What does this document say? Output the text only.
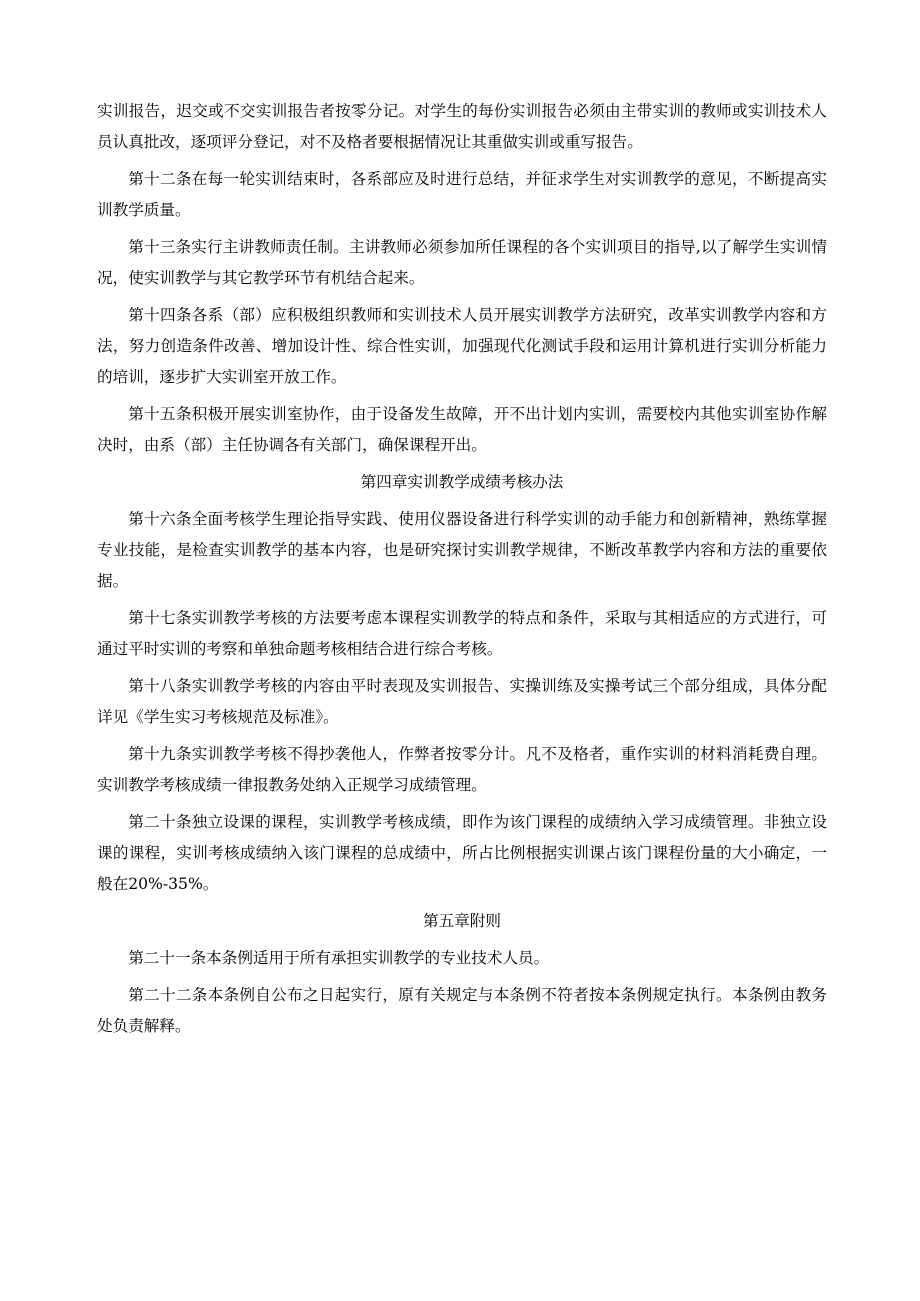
实训报告，迟交或不交实训报告者按零分记。对学生的每份实训报告必须由主带实训的教师或实训技术人员认真批改，逐项评分登记，对不及格者要根据情况让其重做实训或重写报告。

第十二条在每一轮实训结束时，各系部应及时进行总结，并征求学生对实训教学的意见，不断提高实训教学质量。

第十三条实行主讲教师责任制。主讲教师必须参加所任课程的各个实训项目的指导,以了解学生实训情况，使实训教学与其它教学环节有机结合起来。

第十四条各系（部）应积极组织教师和实训技术人员开展实训教学方法研究，改革实训教学内容和方法，努力创造条件改善、增加设计性、综合性实训，加强现代化测试手段和运用计算机进行实训分析能力的培训，逐步扩大实训室开放工作。

第十五条积极开展实训室协作，由于设备发生故障，开不出计划内实训，需要校内其他实训室协作解决时，由系（部）主任协调各有关部门，确保课程开出。

第四章实训教学成绩考核办法

第十六条全面考核学生理论指导实践、使用仪器设备进行科学实训的动手能力和创新精神，熟练掌握专业技能，是检查实训教学的基本内容，也是研究探讨实训教学规律，不断改革教学内容和方法的重要依据。

第十七条实训教学考核的方法要考虑本课程实训教学的特点和条件，采取与其相适应的方式进行，可通过平时实训的考察和单独命题考核相结合进行综合考核。

第十八条实训教学考核的内容由平时表现及实训报告、实操训练及实操考试三个部分组成，具体分配详见《学生实习考核规范及标准》。

第十九条实训教学考核不得抄袭他人，作弊者按零分计。凡不及格者，重作实训的材料消耗费自理。实训教学考核成绩一律报教务处纳入正规学习成绩管理。

第二十条独立设课的课程，实训教学考核成绩，即作为该门课程的成绩纳入学习成绩管理。非独立设课的课程，实训考核成绩纳入该门课程的总成绩中，所占比例根据实训课占该门课程份量的大小确定，一般在20%-35%。

第五章附则

第二十一条本条例适用于所有承担实训教学的专业技术人员。

第二十二条本条例自公布之日起实行，原有关规定与本条例不符者按本条例规定执行。本条例由教务处负责解释。
